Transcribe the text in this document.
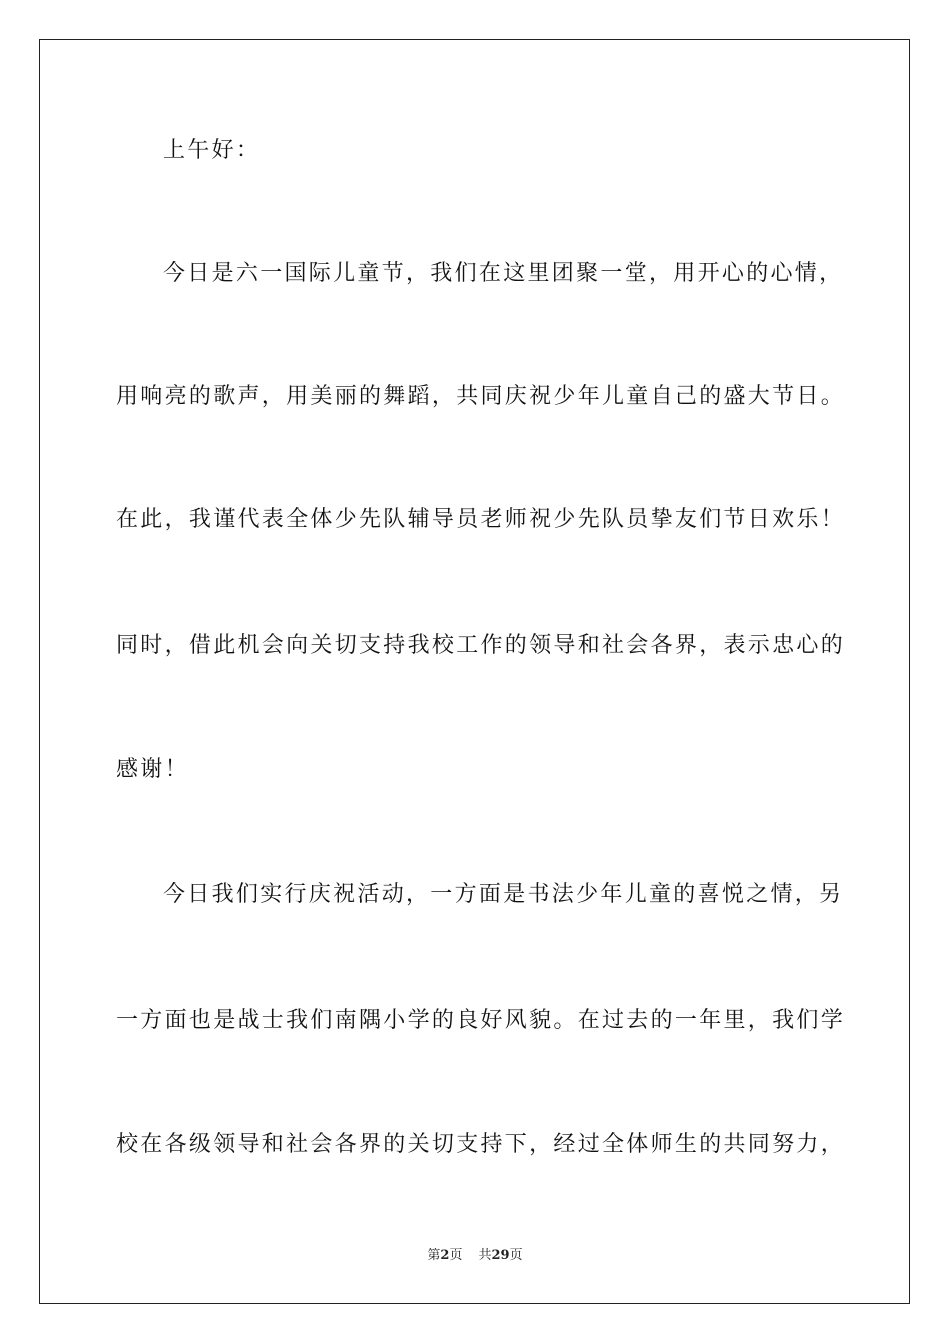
上午好：
今日是六一国际儿童节，我们在这里团聚一堂，用开心的心情，
用响亮的歌声，用美丽的舞蹈，共同庆祝少年儿童自己的盛大节日。
在此，我谨代表全体少先队辅导员老师祝少先队员挚友们节日欢乐！
同时，借此机会向关切支持我校工作的领导和社会各界，表示忠心的
感谢！
今日我们实行庆祝活动，一方面是书法少年儿童的喜悦之情，另
一方面也是战士我们南隅小学的良好风貌。在过去的一年里，我们学
校在各级领导和社会各界的关切支持下，经过全体师生的共同努力，
第2页 共29页
